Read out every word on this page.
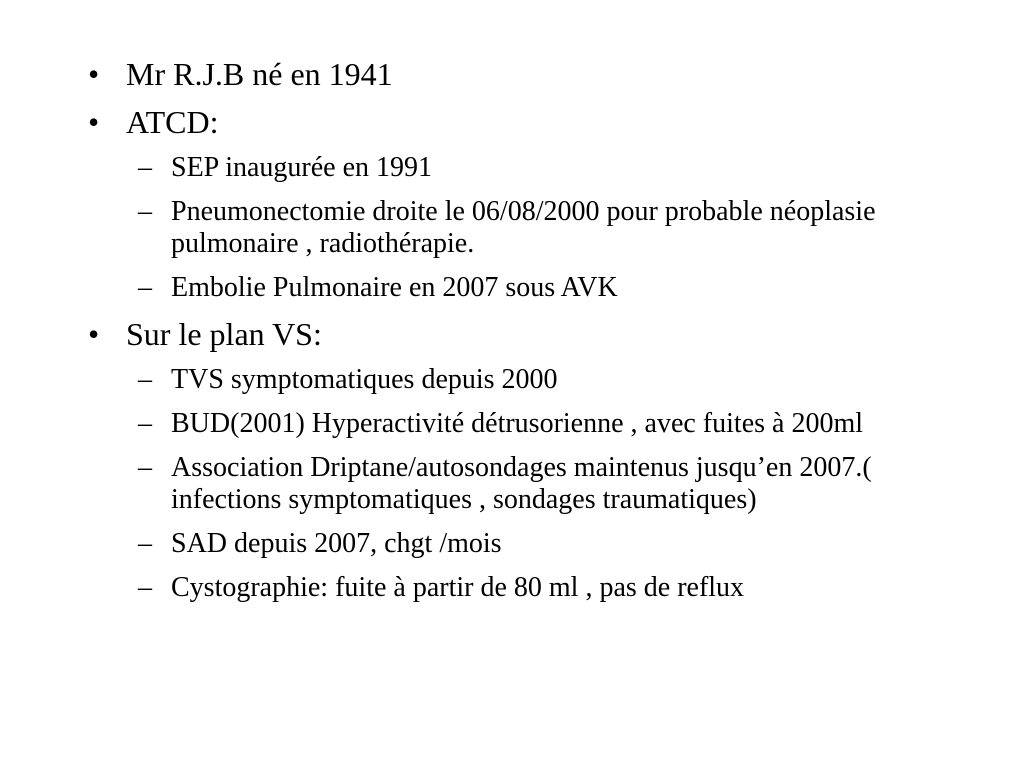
• Mr R.J.B né en 1941
• ATCD:
– SEP inaugurée en 1991
– Pneumonectomie droite le 06/08/2000 pour probable néoplasie pulmonaire , radiothérapie.
– Embolie Pulmonaire en 2007 sous AVK
• Sur le plan VS:
– TVS symptomatiques depuis 2000
– BUD(2001) Hyperactivité détrusorienne , avec fuites à 200ml
– Association Driptane/autosondages maintenus jusqu’en 2007.( infections symptomatiques , sondages traumatiques)
– SAD depuis 2007, chgt /mois
– Cystographie: fuite à partir de 80 ml , pas de reflux
